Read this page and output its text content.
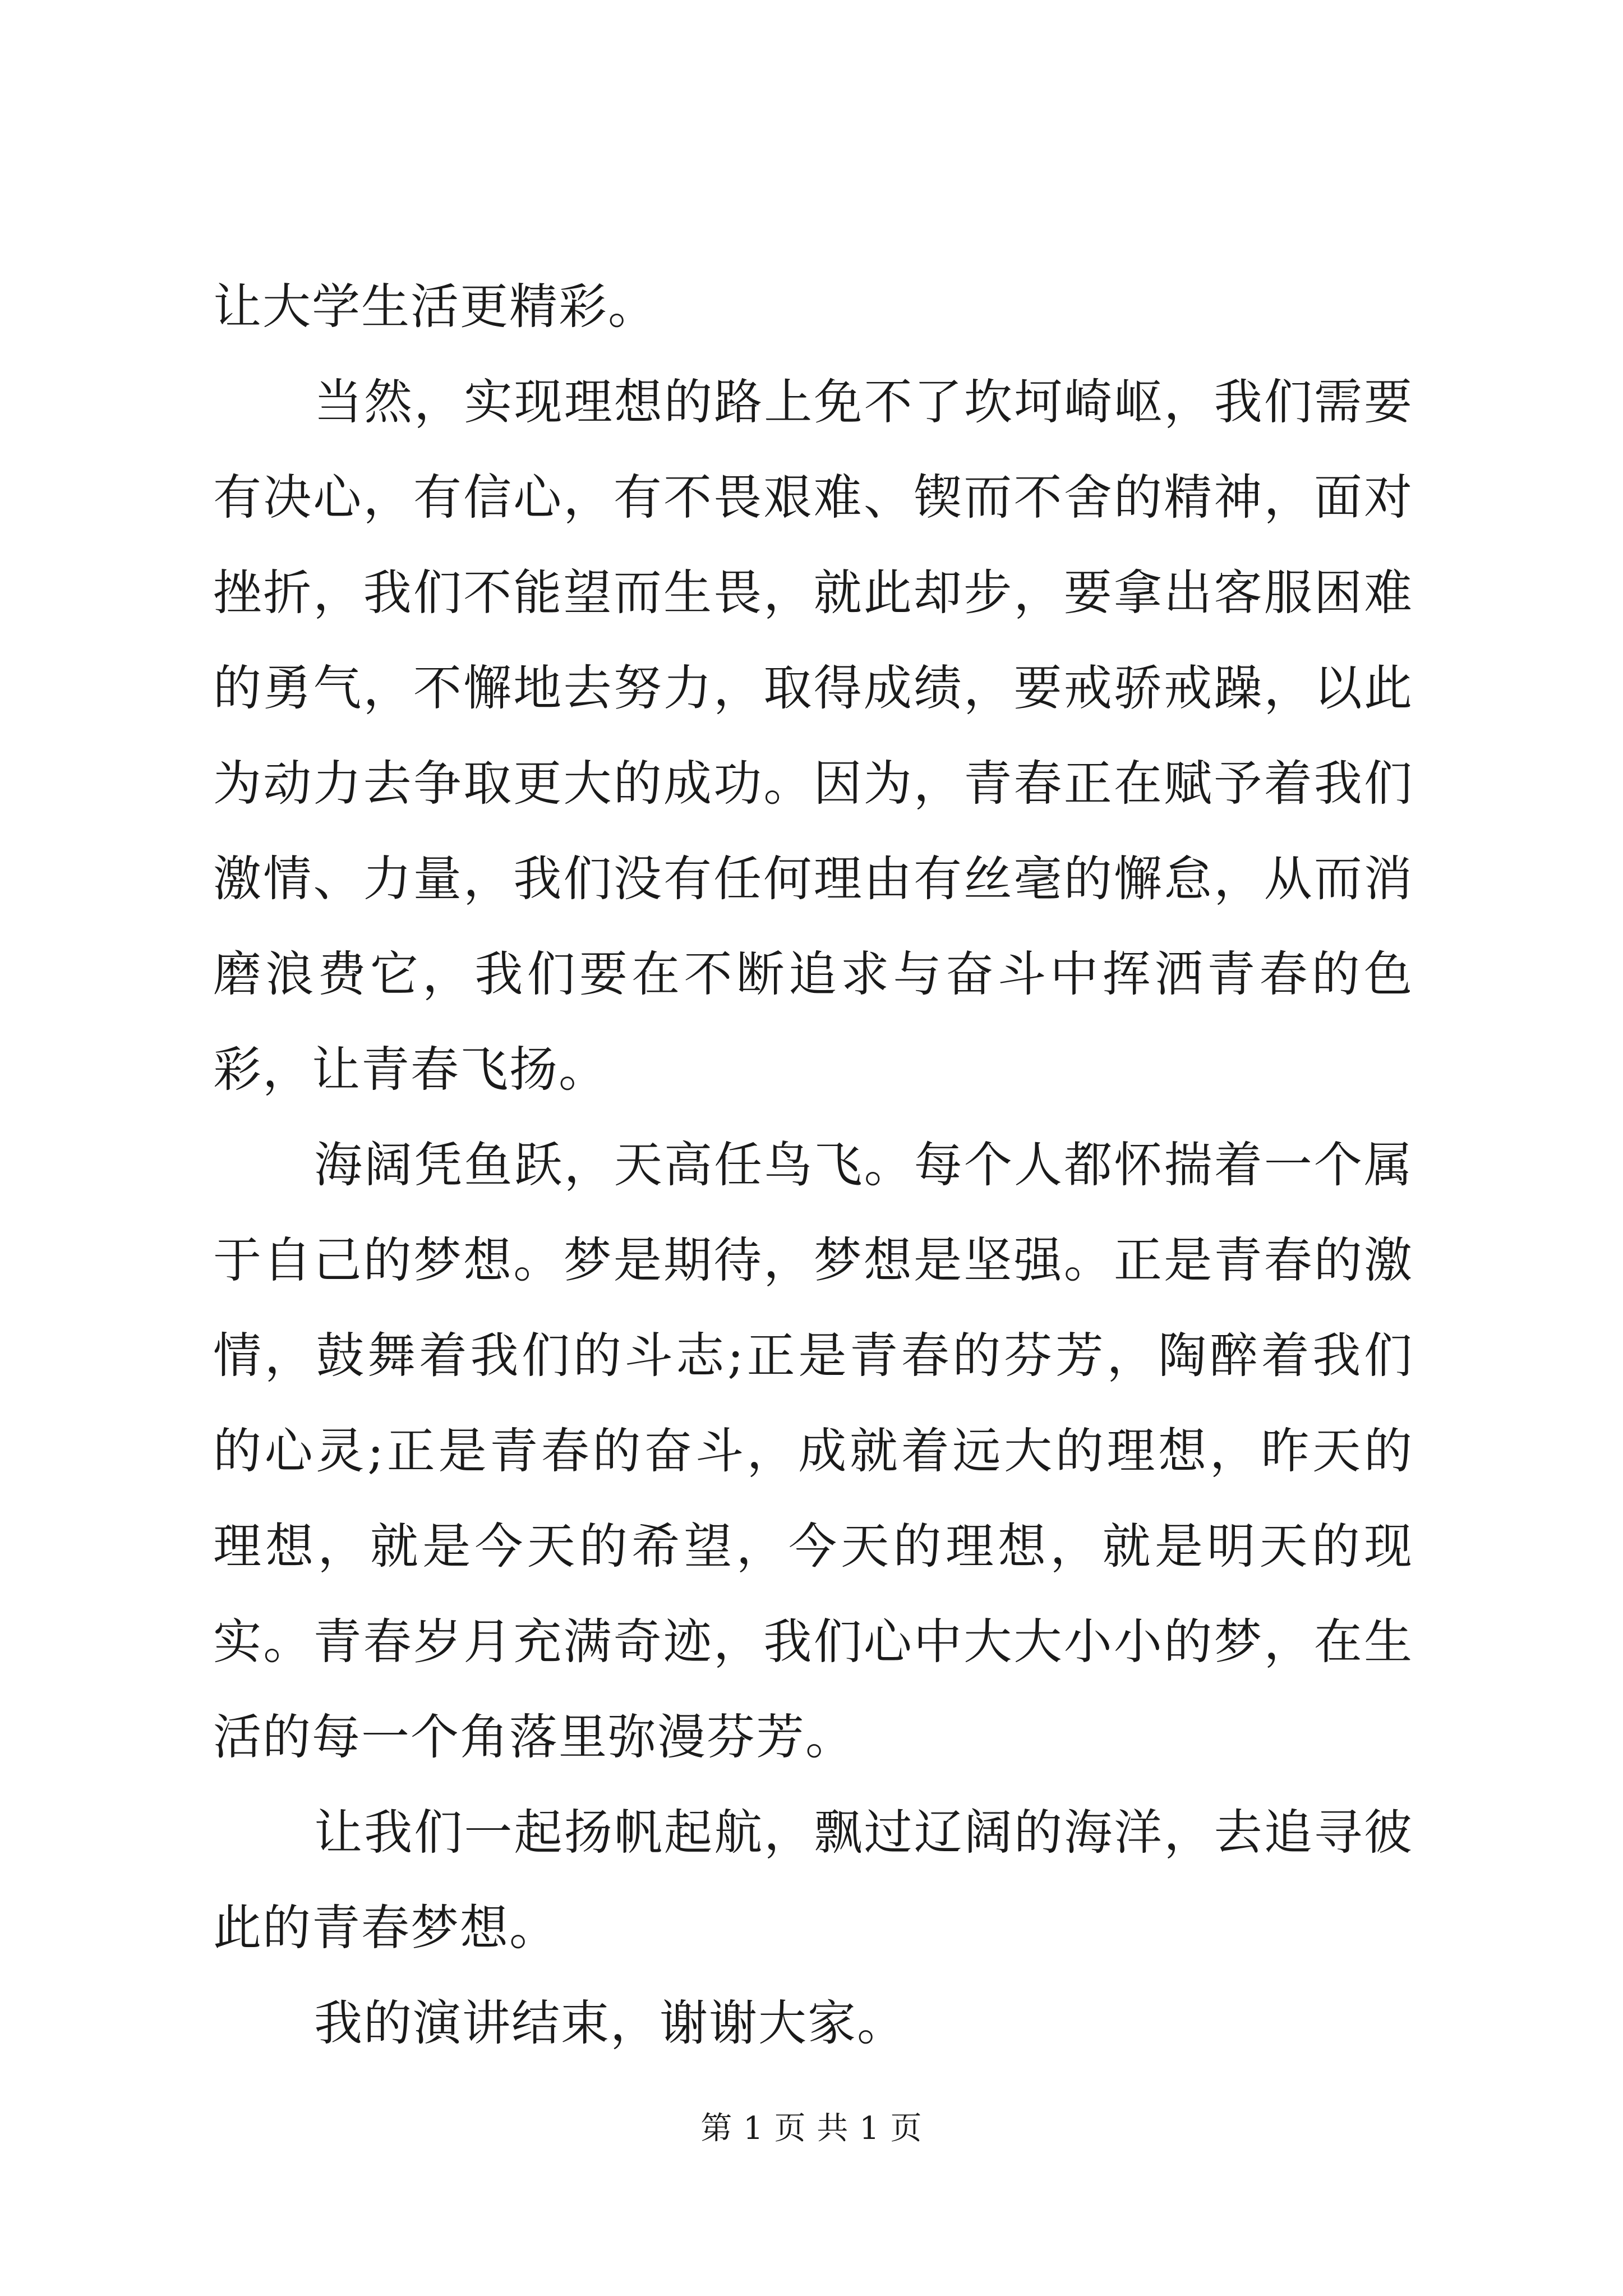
让大学生活更精彩。

当然，实现理想的路上免不了坎坷崎岖，我们需要有决心，有信心，有不畏艰难、锲而不舍的精神，面对挫折，我们不能望而生畏，就此却步，要拿出客服困难的勇气，不懈地去努力，取得成绩，要戒骄戒躁，以此为动力去争取更大的成功。因为，青春正在赋予着我们激情、力量，我们没有任何理由有丝毫的懈怠，从而消磨浪费它，我们要在不断追求与奋斗中挥洒青春的色彩，让青春飞扬。

海阔凭鱼跃，天高任鸟飞。每个人都怀揣着一个属于自己的梦想。梦是期待，梦想是坚强。正是青春的激情，鼓舞着我们的斗志;正是青春的芬芳，陶醉着我们的心灵;正是青春的奋斗，成就着远大的理想，昨天的理想，就是今天的希望，今天的理想，就是明天的现实。青春岁月充满奇迹，我们心中大大小小的梦，在生活的每一个角落里弥漫芬芳。

让我们一起扬帆起航，飘过辽阔的海洋，去追寻彼此的青春梦想。

我的演讲结束，谢谢大家。

第 1 页 共 1 页
